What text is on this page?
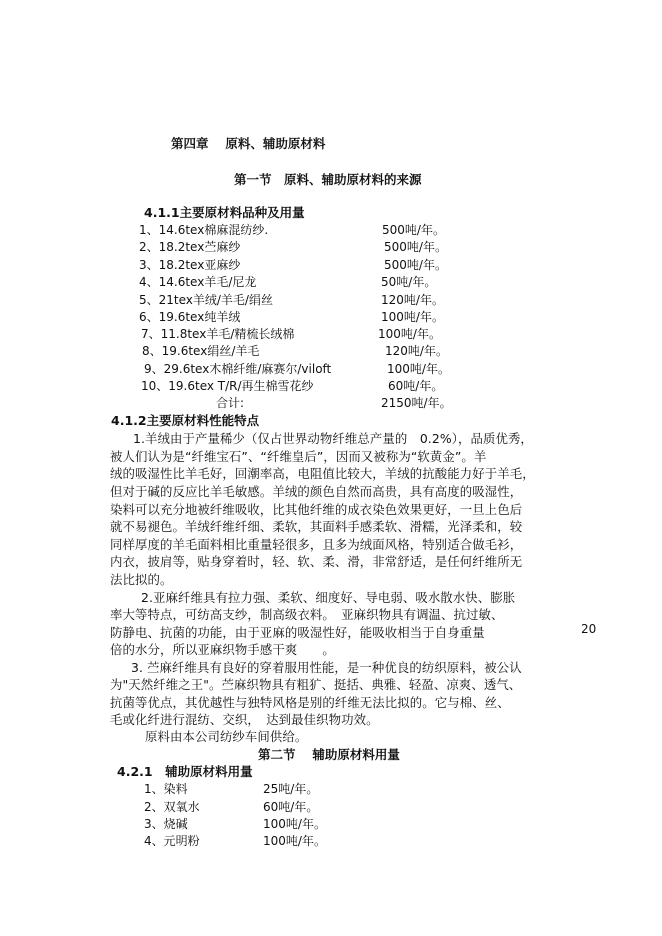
第四章　 原料、辅助原材料
第一节　原料、辅助原材料的来源
4.1.1主要原材料品种及用量
1、14.6tex棉麻混纺纱.	500吨/年。
2、18.2tex苎麻纱	500吨/年。
3、18.2tex亚麻纱	500吨/年。
4、14.6tex羊毛/尼龙	50吨/年。
5、21tex羊绒/羊毛/绢丝	120吨/年。
6、19.6tex纯羊绒	100吨/年。
7、11.8tex羊毛/精梳长绒棉	100吨/年。
8、19.6tex绢丝/羊毛	120吨/年。
9、29.6tex木棉纤维/麻赛尔/viloft	100吨/年。
10、19.6tex T/R/再生棉雪花纱	60吨/年。
合计:	2150吨/年。
4.1.2主要原材料性能特点
1.羊绒由于产量稀少（仅占世界动物纤维总产量的　0.2%），品质优秀，
被人们认为是“纤维宝石”、“纤维皇后”，因而又被称为“软黄金”。羊
绒的吸湿性比羊毛好，回潮率高，电阻值比较大，羊绒的抗酸能力好于羊毛，
但对于碱的反应比羊毛敏感。羊绒的颜色自然而高贵，具有高度的吸湿性，
染料可以充分地被纤维吸收，比其他纤维的成衣染色效果更好，一旦上色后
就不易褪色。羊绒纤维纤细、柔软，其面料手感柔软、滑糯，光泽柔和，较
同样厚度的羊毛面料相比重量轻很多，且多为绒面风格，特别适合做毛衫，
内衣，披肩等，贴身穿着时，轻、软、柔、滑，非常舒适，是任何纤维所无
法比拟的。
2.亚麻纤维具有拉力强、柔软、细度好、导电弱、吸水散水快、膨胀
率大等特点，可纺高支纱，制高级衣料。　亚麻织物具有调温、抗过敏、
防静电、抗菌的功能，由于亚麻的吸湿性好，能吸收相当于自身重量
倍的水分，所以亚麻织物手感干爽　　。
20
3. 苎麻纤维具有良好的穿着服用性能，是一种优良的纺织原料，被公认
为"天然纤维之王"。苎麻织物具有粗犷、挺括、典雅、轻盈、凉爽、透气、
抗菌等优点，其优越性与独特风格是别的纤维无法比拟的。它与棉、丝、
毛或化纤进行混纺、交织，　达到最佳织物功效。
原料由本公司纺纱车间供给。
第二节　 辅助原材料用量
4.2.1　辅助原材料用量
1、染料	25吨/年。
2、双氧水	60吨/年。
3、烧碱	100吨/年。
4、元明粉	100吨/年。
